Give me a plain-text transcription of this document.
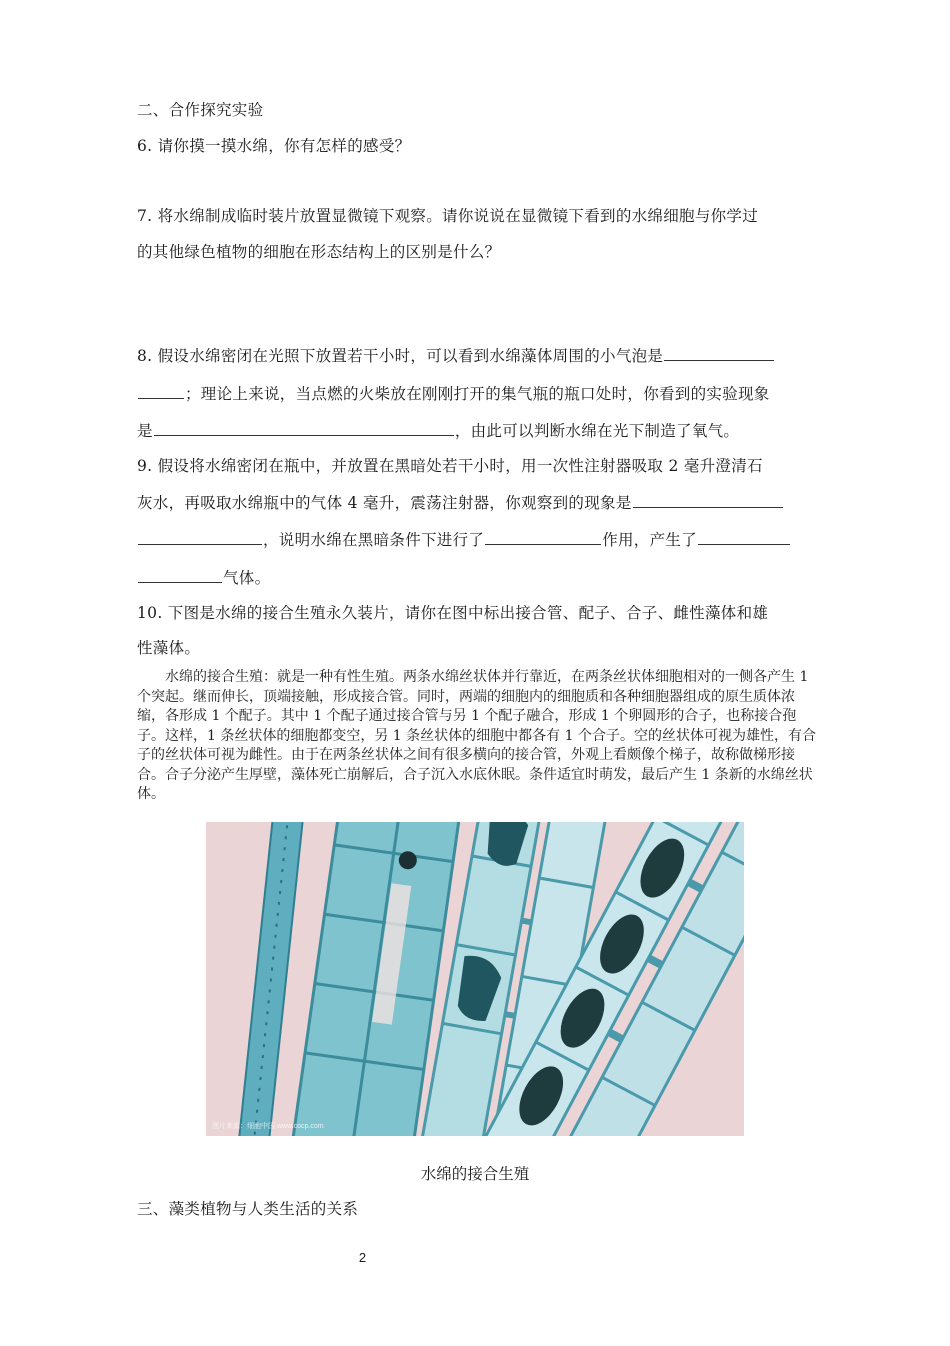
二、合作探究实验
6. 请你摸一摸水绵，你有怎样的感受？
7. 将水绵制成临时装片放置显微镜下观察。请你说说在显微镜下看到的水绵细胞与你学过
的其他绿色植物的细胞在形态结构上的区别是什么？
8. 假设水绵密闭在光照下放置若干小时，可以看到水绵藻体周围的小气泡是
；理论上来说，当点燃的火柴放在刚刚打开的集气瓶的瓶口处时，你看到的实验现象
是	，由此可以判断水绵在光下制造了氧气。
9. 假设将水绵密闭在瓶中，并放置在黑暗处若干小时，用一次性注射器吸取 2 毫升澄清石
灰水，再吸取水绵瓶中的气体 4 毫升，震荡注射器，你观察到的现象是
，说明水绵在黑暗条件下进行了	作用，产生了
气体。
10. 下图是水绵的接合生殖永久装片，请你在图中标出接合管、配子、合子、雌性藻体和雄
性藻体。
水绵的接合生殖：就是一种有性生殖。两条水绵丝状体并行靠近，在两条丝状体细胞相对的一侧各产生 1 个突起。继而伸长，顶端接触，形成接合管。同时，两端的细胞内的细胞质和各种细胞器组成的原生质体浓缩，各形成 1 个配子。其中 1 个配子通过接合管与另 1 个配子融合，形成 1 个卵圆形的合子，也称接合孢子。这样，1 条丝状体的细胞都变空，另 1 条丝状体的细胞中都各有 1 个合子。空的丝状体可视为雄性，有合子的丝状体可视为雌性。由于在两条丝状体之间有很多横向的接合管，外观上看颇像个梯子，故称做梯形接合。合子分泌产生厚壁，藻体死亡崩解后，合子沉入水底休眠。条件适宜时萌发，最后产生 1 条新的水绵丝状体。
图片来源：细胞中国 www.cocp.com
水绵的接合生殖
三、藻类植物与人类生活的关系
2
